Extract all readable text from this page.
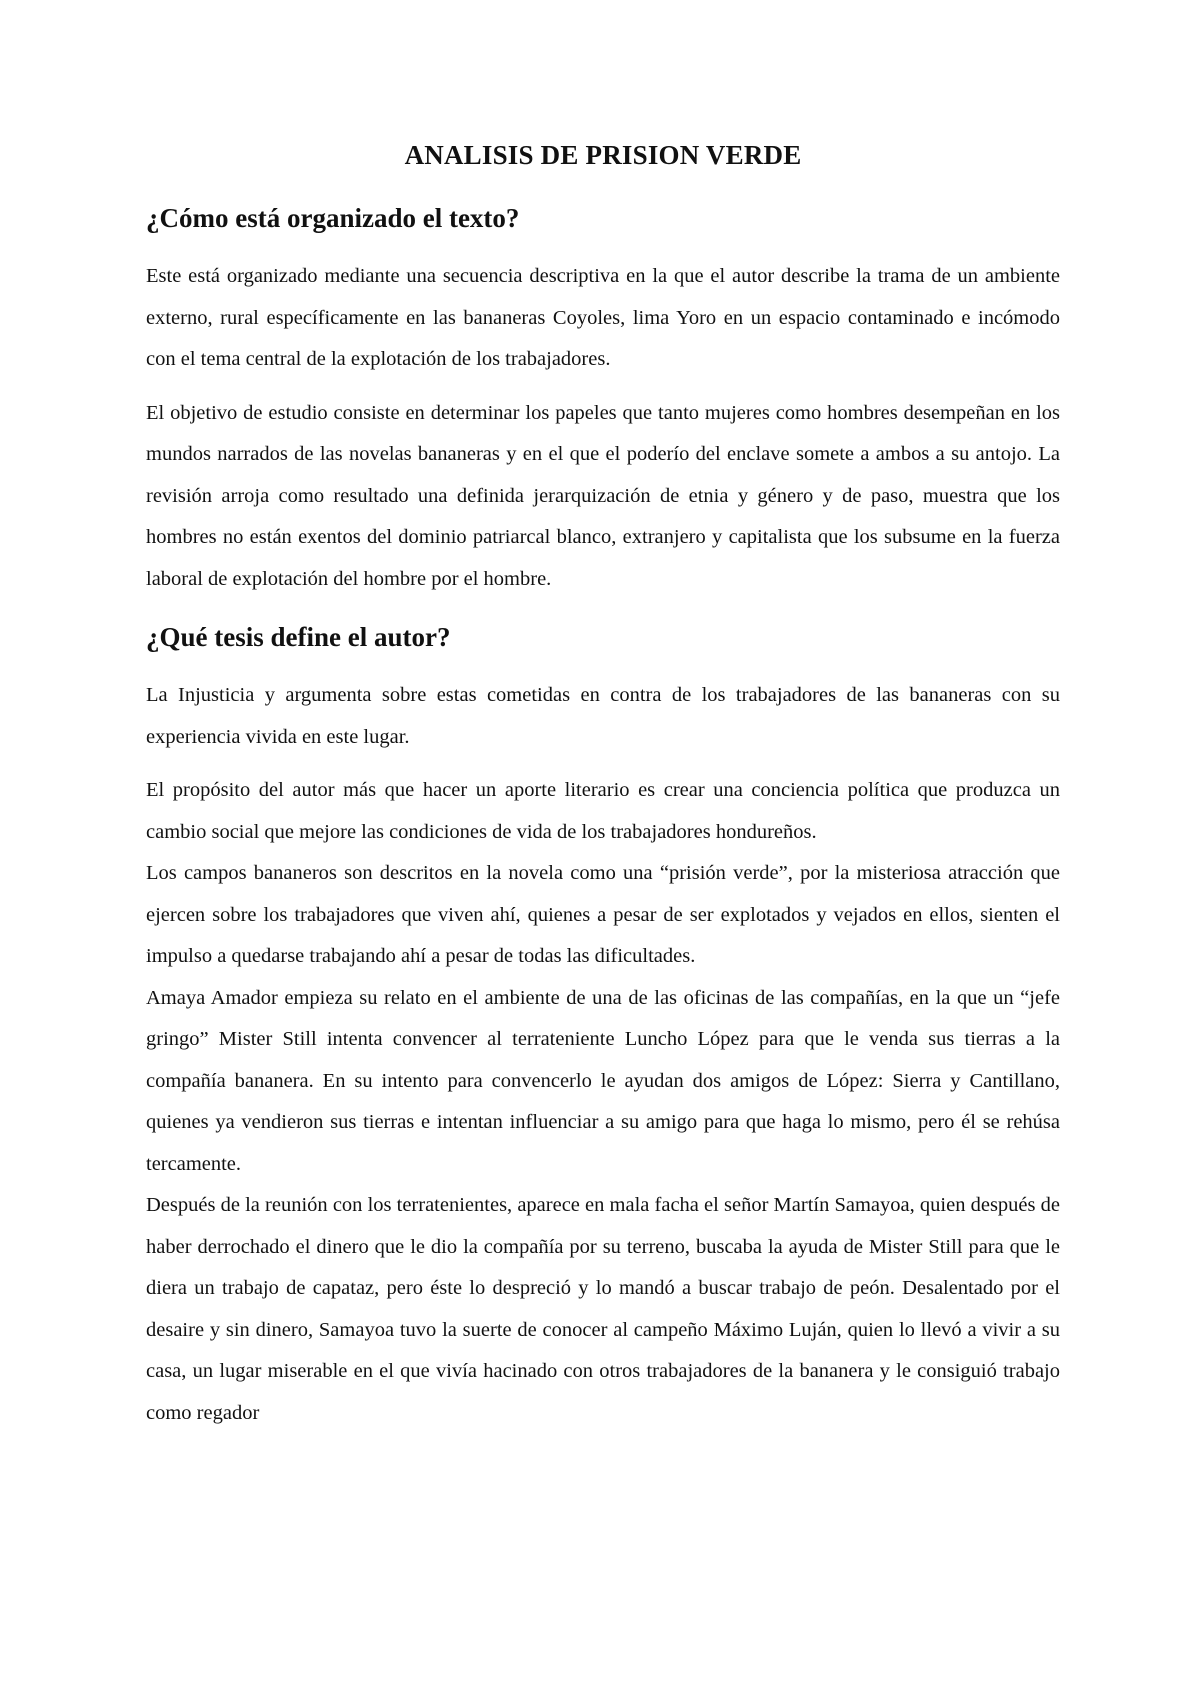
ANALISIS DE PRISION VERDE
¿Cómo está organizado el texto?

Este está organizado mediante una secuencia descriptiva en la que el autor describe la trama de un ambiente externo, rural específicamente en las bananeras Coyoles, lima Yoro en un espacio contaminado e incómodo con el tema central de la explotación de los trabajadores.

El objetivo de estudio consiste en determinar los papeles que tanto mujeres como hombres desempeñan en los mundos narrados de las novelas bananeras y en el que el poderío del enclave somete a ambos a su antojo. La revisión arroja como resultado una definida jerarquización de etnia y género y de paso, muestra que los hombres no están exentos del dominio patriarcal blanco, extranjero y capitalista que los subsume en la fuerza laboral de explotación del hombre por el hombre.

¿Qué tesis define el autor?

La Injusticia y argumenta sobre estas cometidas en contra de los trabajadores de las bananeras con su experiencia vivida en este lugar.

El propósito del autor más que hacer un aporte literario es crear una conciencia política que produzca un cambio social que mejore las condiciones de vida de los trabajadores hondureños.

Los campos bananeros son descritos en la novela como una “prisión verde”, por la misteriosa atracción que ejercen sobre los trabajadores que viven ahí, quienes a pesar de ser explotados y vejados en ellos, sienten el impulso a quedarse trabajando ahí a pesar de todas las dificultades.

Amaya Amador empieza su relato en el ambiente de una de las oficinas de las compañías, en la que un “jefe gringo” Mister Still intenta convencer al terrateniente Luncho López para que le venda sus tierras a la compañía bananera. En su intento para convencerlo le ayudan dos amigos de López: Sierra y Cantillano, quienes ya vendieron sus tierras e intentan influenciar a su amigo para que haga lo mismo, pero él se rehúsa tercamente.

Después de la reunión con los terratenientes, aparece en mala facha el señor Martín Samayoa, quien después de haber derrochado el dinero que le dio la compañía por su terreno, buscaba la ayuda de Mister Still para que le diera un trabajo de capataz, pero éste lo despreció y lo mandó a buscar trabajo de peón. Desalentado por el desaire y sin dinero, Samayoa tuvo la suerte de conocer al campeño Máximo Luján, quien lo llevó a vivir a su casa, un lugar miserable en el que vivía hacinado con otros trabajadores de la bananera y le consiguió trabajo como regador
